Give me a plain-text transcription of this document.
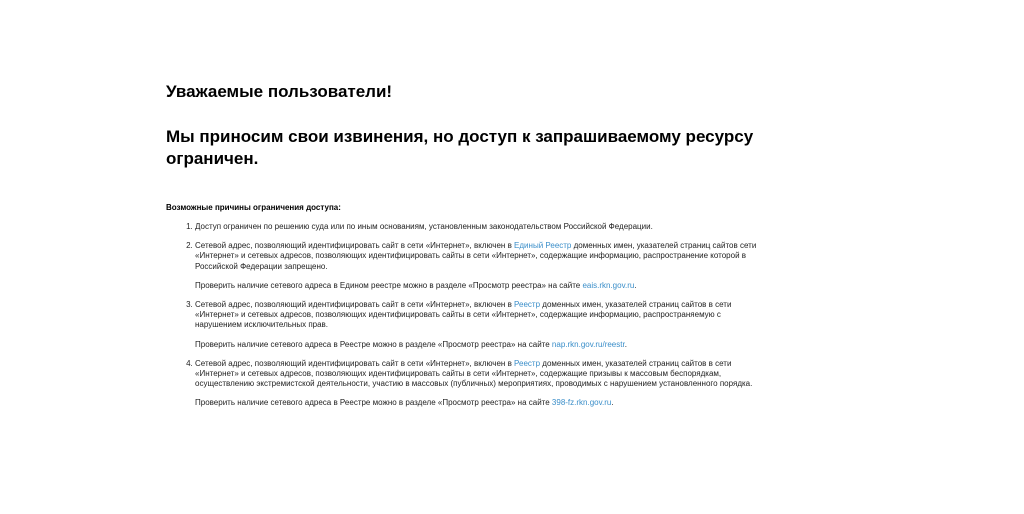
Уважаемые пользователи!
Мы приносим свои извинения, но доступ к запрашиваемому ресурсу ограничен.
Возможные причины ограничения доступа:

1. Доступ ограничен по решению суда или по иным основаниям, установленным законодательством Российской Федерации.

2. Сетевой адрес, позволяющий идентифицировать сайт в сети «Интернет», включен в Единый Реестр доменных имен, указателей страниц сайтов сети «Интернет» и сетевых адресов, позволяющих идентифицировать сайты в сети «Интернет», содержащие информацию, распространение которой в Российской Федерации запрещено.

Проверить наличие сетевого адреса в Едином реестре можно в разделе «Просмотр реестра» на сайте eais.rkn.gov.ru.

3. Сетевой адрес, позволяющий идентифицировать сайт в сети «Интернет», включен в Реестр доменных имен, указателей страниц сайтов в сети «Интернет» и сетевых адресов, позволяющих идентифицировать сайты в сети «Интернет», содержащие информацию, распространяемую с нарушением исключительных прав.

Проверить наличие сетевого адреса в Реестре можно в разделе «Просмотр реестра» на сайте nap.rkn.gov.ru/reestr.

4. Сетевой адрес, позволяющий идентифицировать сайт в сети «Интернет», включен в Реестр доменных имен, указателей страниц сайтов в сети «Интернет» и сетевых адресов, позволяющих идентифицировать сайты в сети «Интернет», содержащие призывы к массовым беспорядкам, осуществлению экстремистской деятельности, участию в массовых (публичных) мероприятиях, проводимых с нарушением установленного порядка.

Проверить наличие сетевого адреса в Реестре можно в разделе «Просмотр реестра» на сайте 398-fz.rkn.gov.ru.
